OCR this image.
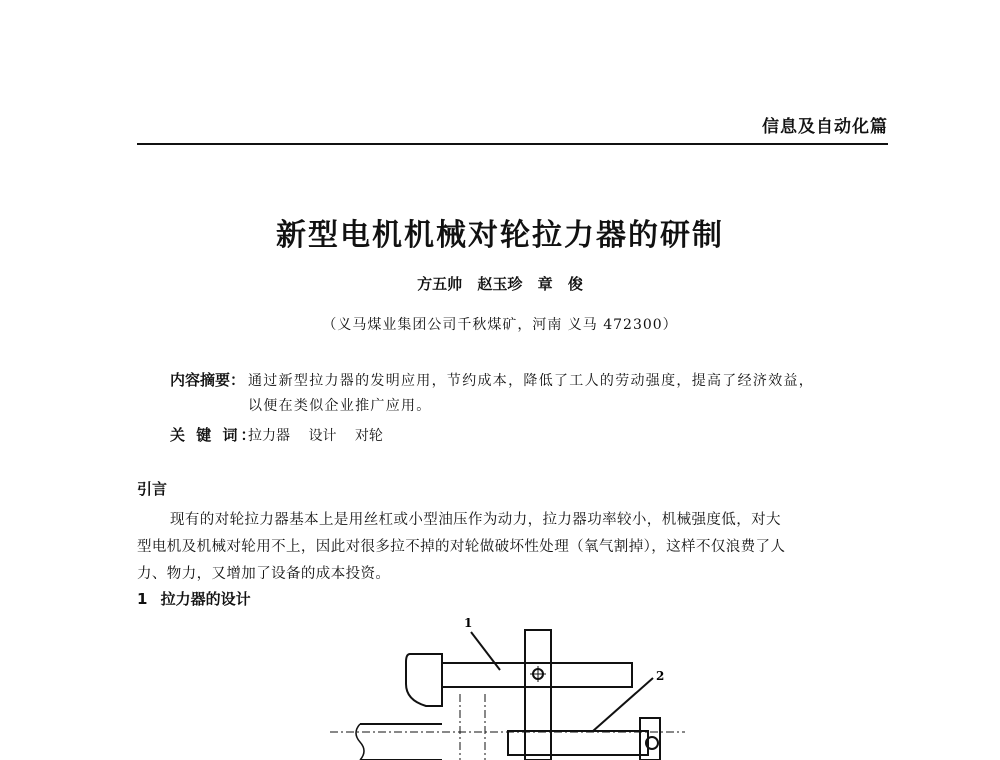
信息及自动化篇
新型电机机械对轮拉力器的研制
方五帅 赵玉珍 章 俊
（义马煤业集团公司千秋煤矿，河南 义马 472300）
内容摘要： 通过新型拉力器的发明应用，节约成本，降低了工人的劳动强度，提高了经济效益，
以便在类似企业推广应用。
关 键 词：
拉力器 设计 对轮
引言
现有的对轮拉力器基本上是用丝杠或小型油压作为动力，拉力器功率较小，机械强度低，对大
型电机及机械对轮用不上，因此对很多拉不掉的对轮做破坏性处理（氧气割掉），这样不仅浪费了人
力、物力，又增加了设备的成本投资。
1 拉力器的设计
1
2
